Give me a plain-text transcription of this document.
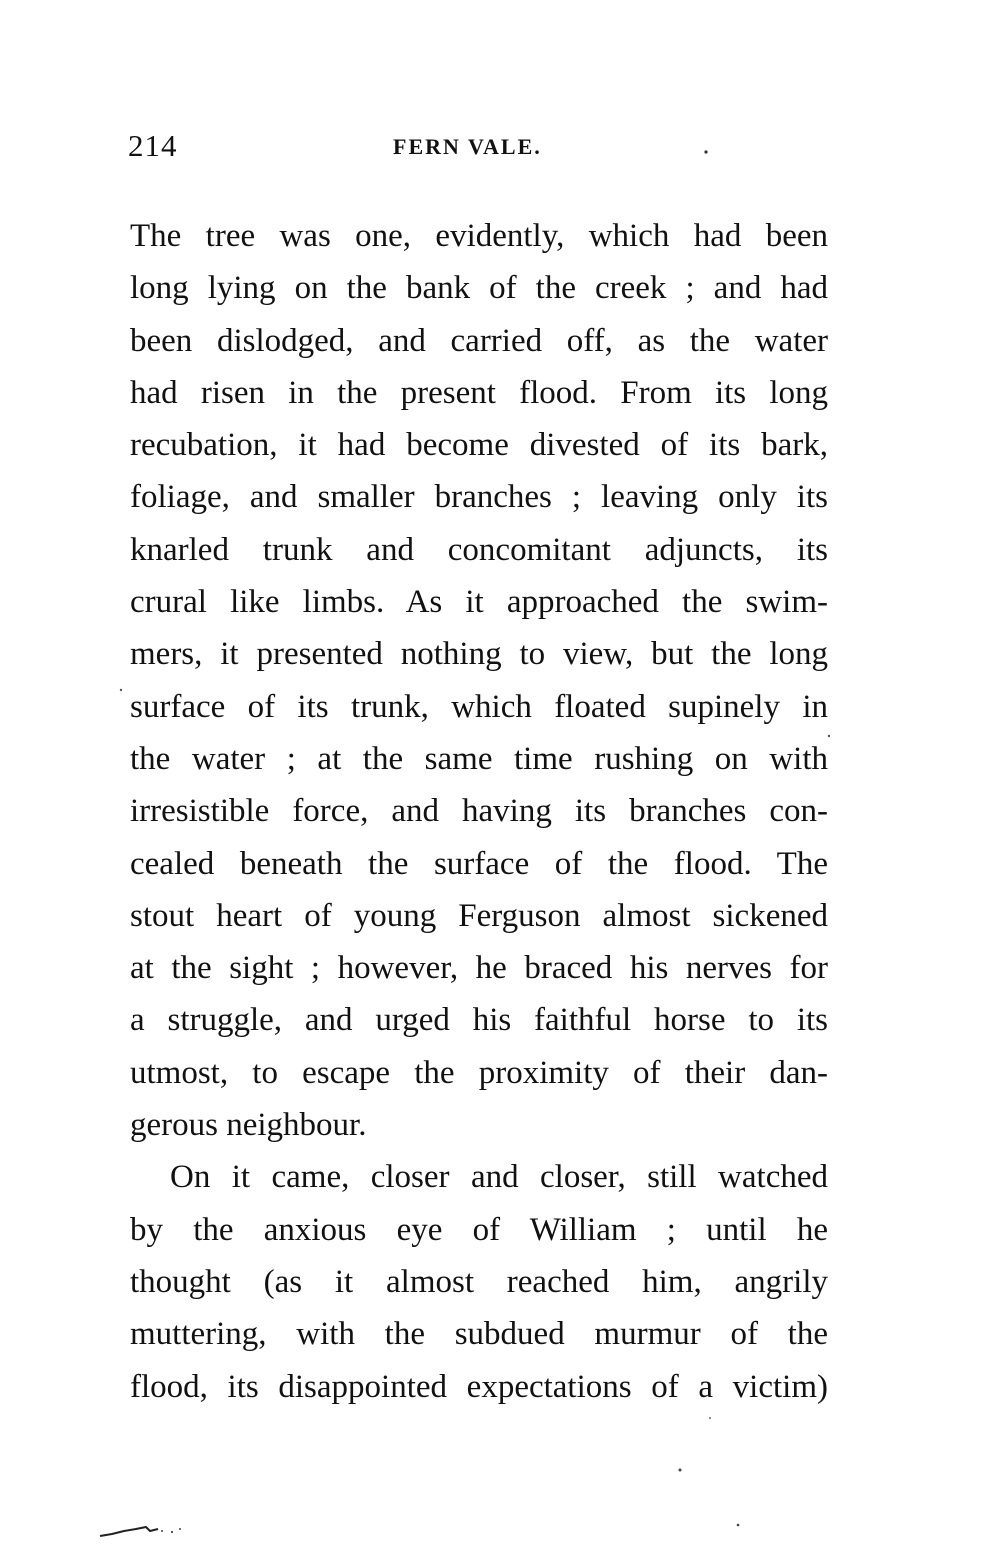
214	FERN VALE.
The tree was one, evidently, which had been
long lying on the bank of the creek ; and had
been dislodged, and carried off, as the water
had risen in the present flood. From its long
recubation, it had become divested of its bark,
foliage, and smaller branches ; leaving only its
knarled trunk and concomitant adjuncts, its
crural like limbs. As it approached the swim-
mers, it presented nothing to view, but the long
surface of its trunk, which floated supinely in
the water ; at the same time rushing on with
irresistible force, and having its branches con-
cealed beneath the surface of the flood. The
stout heart of young Ferguson almost sickened
at the sight ; however, he braced his nerves for
a struggle, and urged his faithful horse to its
utmost, to escape the proximity of their dan-
gerous neighbour.
On it came, closer and closer, still watched
by the anxious eye of William ; until he
thought (as it almost reached him, angrily
muttering, with the subdued murmur of the
flood, its disappointed expectations of a victim)
